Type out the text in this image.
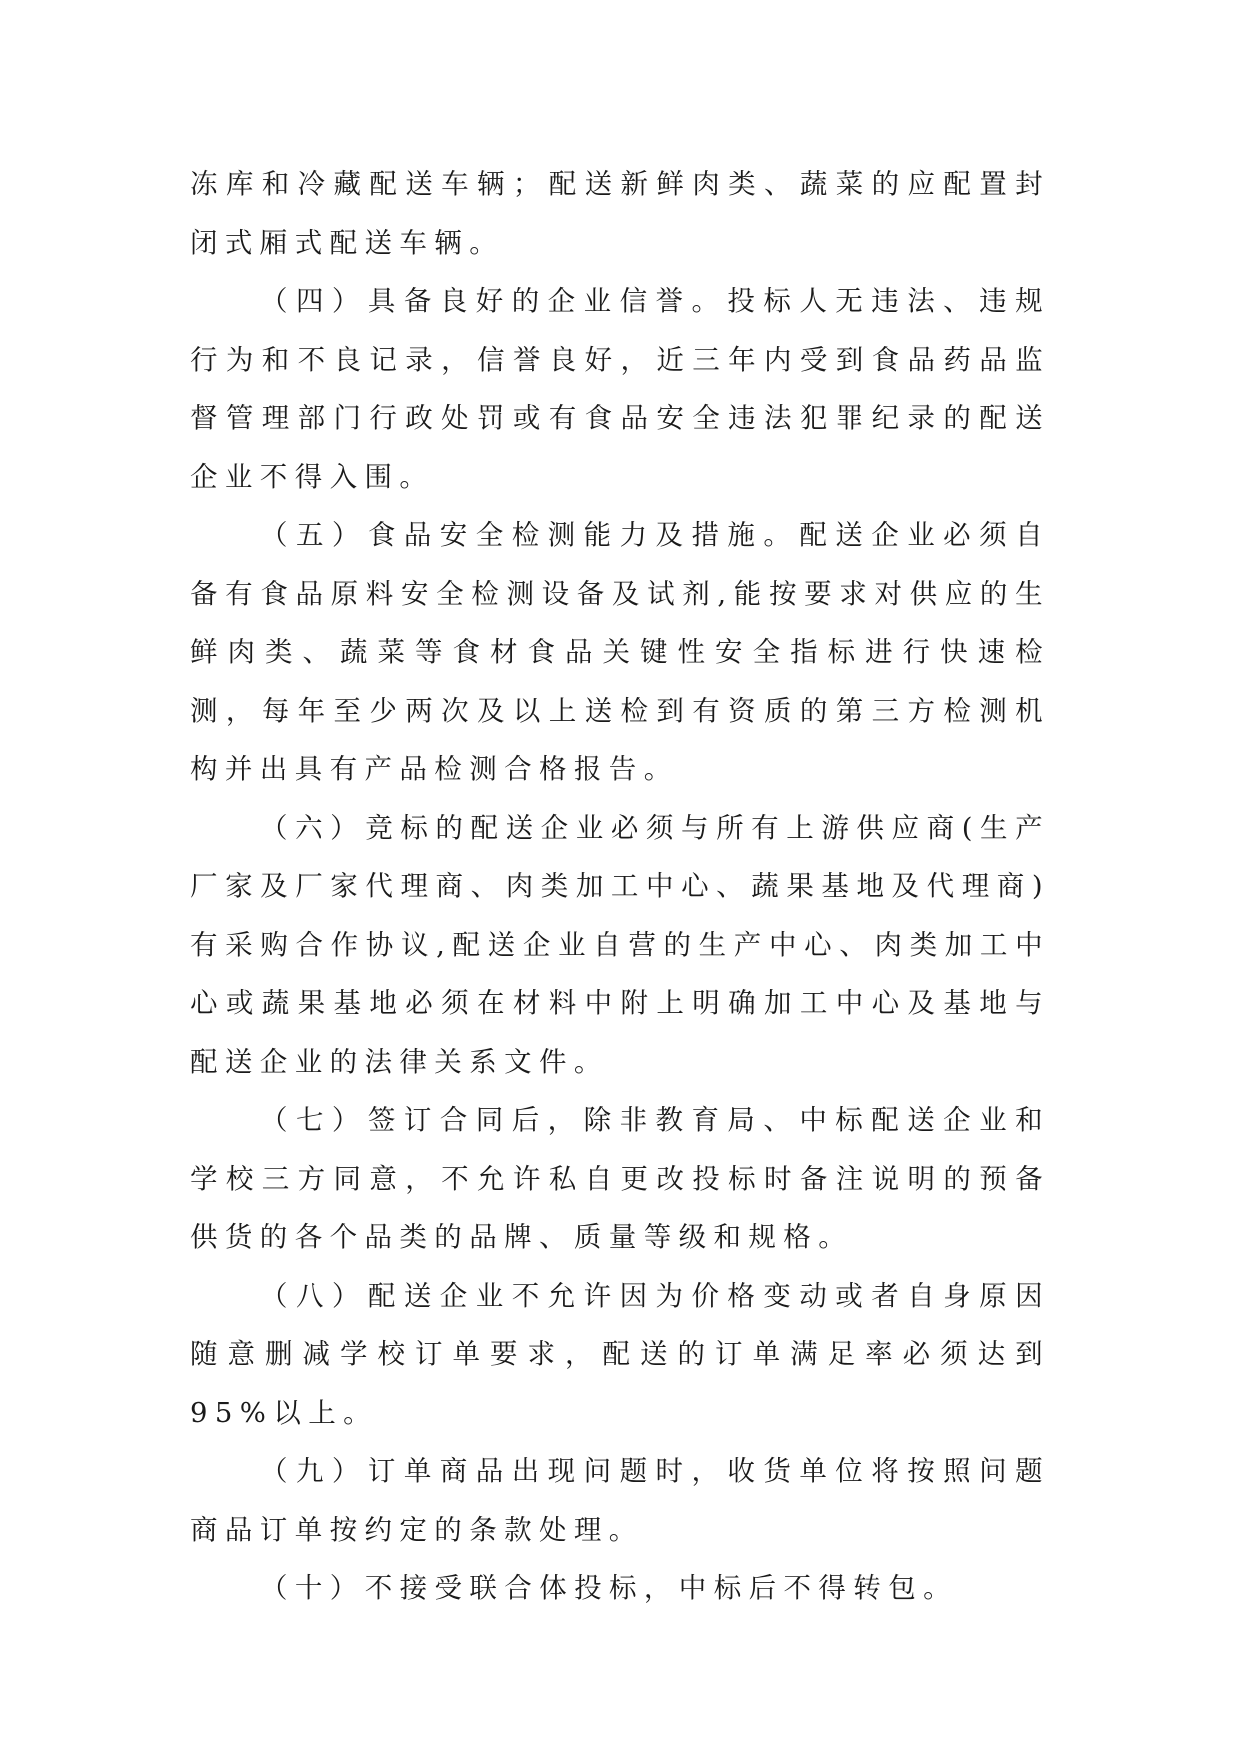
冻库和冷藏配送车辆；配送新鲜肉类、蔬菜的应配置封闭式厢式配送车辆。

（四）具备良好的企业信誉。投标人无违法、违规行为和不良记录，信誉良好，近三年内受到食品药品监督管理部门行政处罚或有食品安全违法犯罪纪录的配送企业不得入围。

（五）食品安全检测能力及措施。配送企业必须自备有食品原料安全检测设备及试剂,能按要求对供应的生鲜肉类、蔬菜等食材食品关键性安全指标进行快速检测，每年至少两次及以上送检到有资质的第三方检测机构并出具有产品检测合格报告。

（六）竞标的配送企业必须与所有上游供应商(生产厂家及厂家代理商、肉类加工中心、蔬果基地及代理商)有采购合作协议,配送企业自营的生产中心、肉类加工中心或蔬果基地必须在材料中附上明确加工中心及基地与配送企业的法律关系文件。

（七）签订合同后，除非教育局、中标配送企业和学校三方同意，不允许私自更改投标时备注说明的预备供货的各个品类的品牌、质量等级和规格。

（八）配送企业不允许因为价格变动或者自身原因随意删减学校订单要求，配送的订单满足率必须达到95%以上。

（九）订单商品出现问题时，收货单位将按照问题商品订单按约定的条款处理。

（十）不接受联合体投标，中标后不得转包。
